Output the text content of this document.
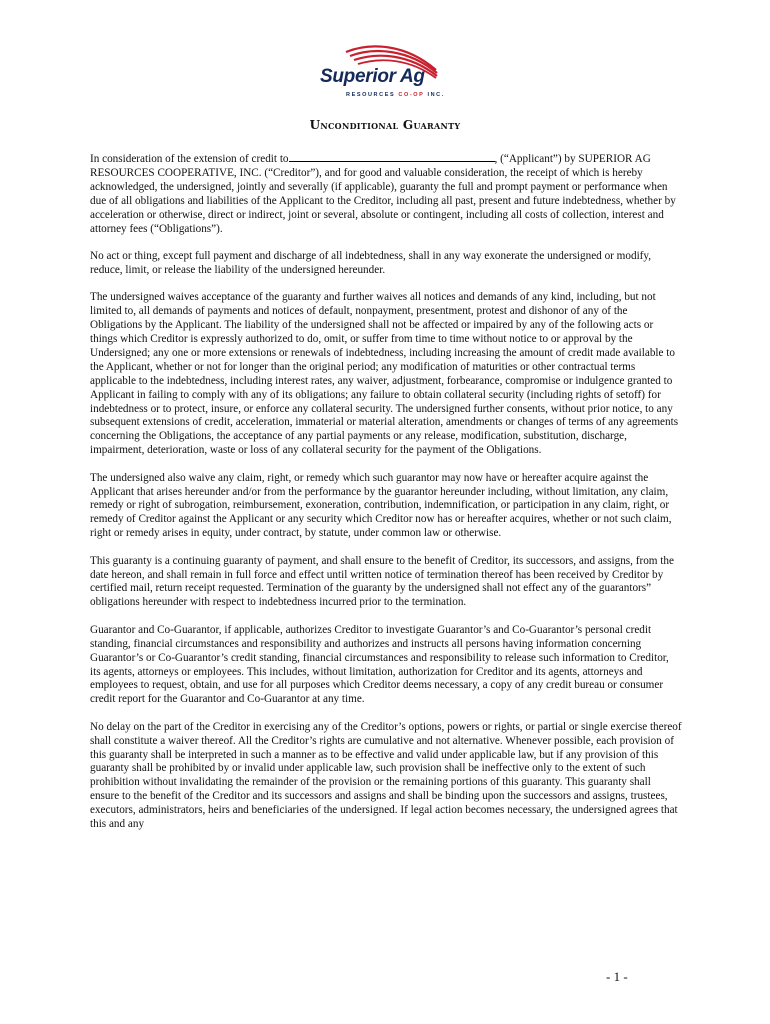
Superior Ag
RESOURCES CO-OP INC.
Unconditional Guaranty

In consideration of the extension of credit to	, (“Applicant”) by SUPERIOR AG RESOURCES COOPERATIVE, INC. (“Creditor”), and for good and valuable consideration, the receipt of which is hereby acknowledged, the undersigned, jointly and severally (if applicable), guaranty the full and prompt payment or performance when due of all obligations and liabilities of the Applicant to the Creditor, including all past, present and future indebtedness, whether by acceleration or otherwise, direct or indirect, joint or several, absolute or contingent, including all costs of collection, interest and attorney fees (“Obligations”).

No act or thing, except full payment and discharge of all indebtedness, shall in any way exonerate the undersigned or modify, reduce, limit, or release the liability of the undersigned hereunder.

The undersigned waives acceptance of the guaranty and further waives all notices and demands of any kind, including, but not limited to, all demands of payments and notices of default, nonpayment, presentment, protest and dishonor of any of the Obligations by the Applicant. The liability of the undersigned shall not be affected or impaired by any of the following acts or things which Creditor is expressly authorized to do, omit, or suffer from time to time without notice to or approval by the Undersigned; any one or more extensions or renewals of indebtedness, including increasing the amount of credit made available to the Applicant, whether or not for longer than the original period; any modification of maturities or other contractual terms applicable to the indebtedness, including interest rates, any waiver, adjustment, forbearance, compromise or indulgence granted to Applicant in failing to comply with any of its obligations; any failure to obtain collateral security (including rights of setoff) for indebtedness or to protect, insure, or enforce any collateral security. The undersigned further consents, without prior notice, to any subsequent extensions of credit, acceleration, immaterial or material alteration, amendments or changes of terms of any agreements concerning the Obligations, the acceptance of any partial payments or any release, modification, substitution, discharge, impairment, deterioration, waste or loss of any collateral security for the payment of the Obligations.

The undersigned also waive any claim, right, or remedy which such guarantor may now have or hereafter acquire against the Applicant that arises hereunder and/or from the performance by the guarantor hereunder including, without limitation, any claim, remedy or right of subrogation, reimbursement, exoneration, contribution, indemnification, or participation in any claim, right, or remedy of Creditor against the Applicant or any security which Creditor now has or hereafter acquires, whether or not such claim, right or remedy arises in equity, under contract, by statute, under common law or otherwise.

This guaranty is a continuing guaranty of payment, and shall ensure to the benefit of Creditor, its successors, and assigns, from the date hereon, and shall remain in full force and effect until written notice of termination thereof has been received by Creditor by certified mail, return receipt requested. Termination of the guaranty by the undersigned shall not effect any of the guarantors” obligations hereunder with respect to indebtedness incurred prior to the termination.

Guarantor and Co-Guarantor, if applicable, authorizes Creditor to investigate Guarantor’s and Co-Guarantor’s personal credit standing, financial circumstances and responsibility and authorizes and instructs all persons having information concerning Guarantor’s or Co-Guarantor’s credit standing, financial circumstances and responsibility to release such information to Creditor, its agents, attorneys or employees. This includes, without limitation, authorization for Creditor and its agents, attorneys and employees to request, obtain, and use for all purposes which Creditor deems necessary, a copy of any credit bureau or consumer credit report for the Guarantor and Co-Guarantor at any time.

No delay on the part of the Creditor in exercising any of the Creditor’s options, powers or rights, or partial or single exercise thereof shall constitute a waiver thereof. All the Creditor’s rights are cumulative and not alternative. Whenever possible, each provision of this guaranty shall be interpreted in such a manner as to be effective and valid under applicable law, but if any provision of this guaranty shall be prohibited by or invalid under applicable law, such provision shall be ineffective only to the extent of such prohibition without invalidating the remainder of the provision or the remaining portions of this guaranty. This guaranty shall ensure to the benefit of the Creditor and its successors and assigns and shall be binding upon the successors and assigns, trustees, executors, administrators, heirs and beneficiaries of the undersigned. If legal action becomes necessary, the undersigned agrees that this and any

- 1 -
